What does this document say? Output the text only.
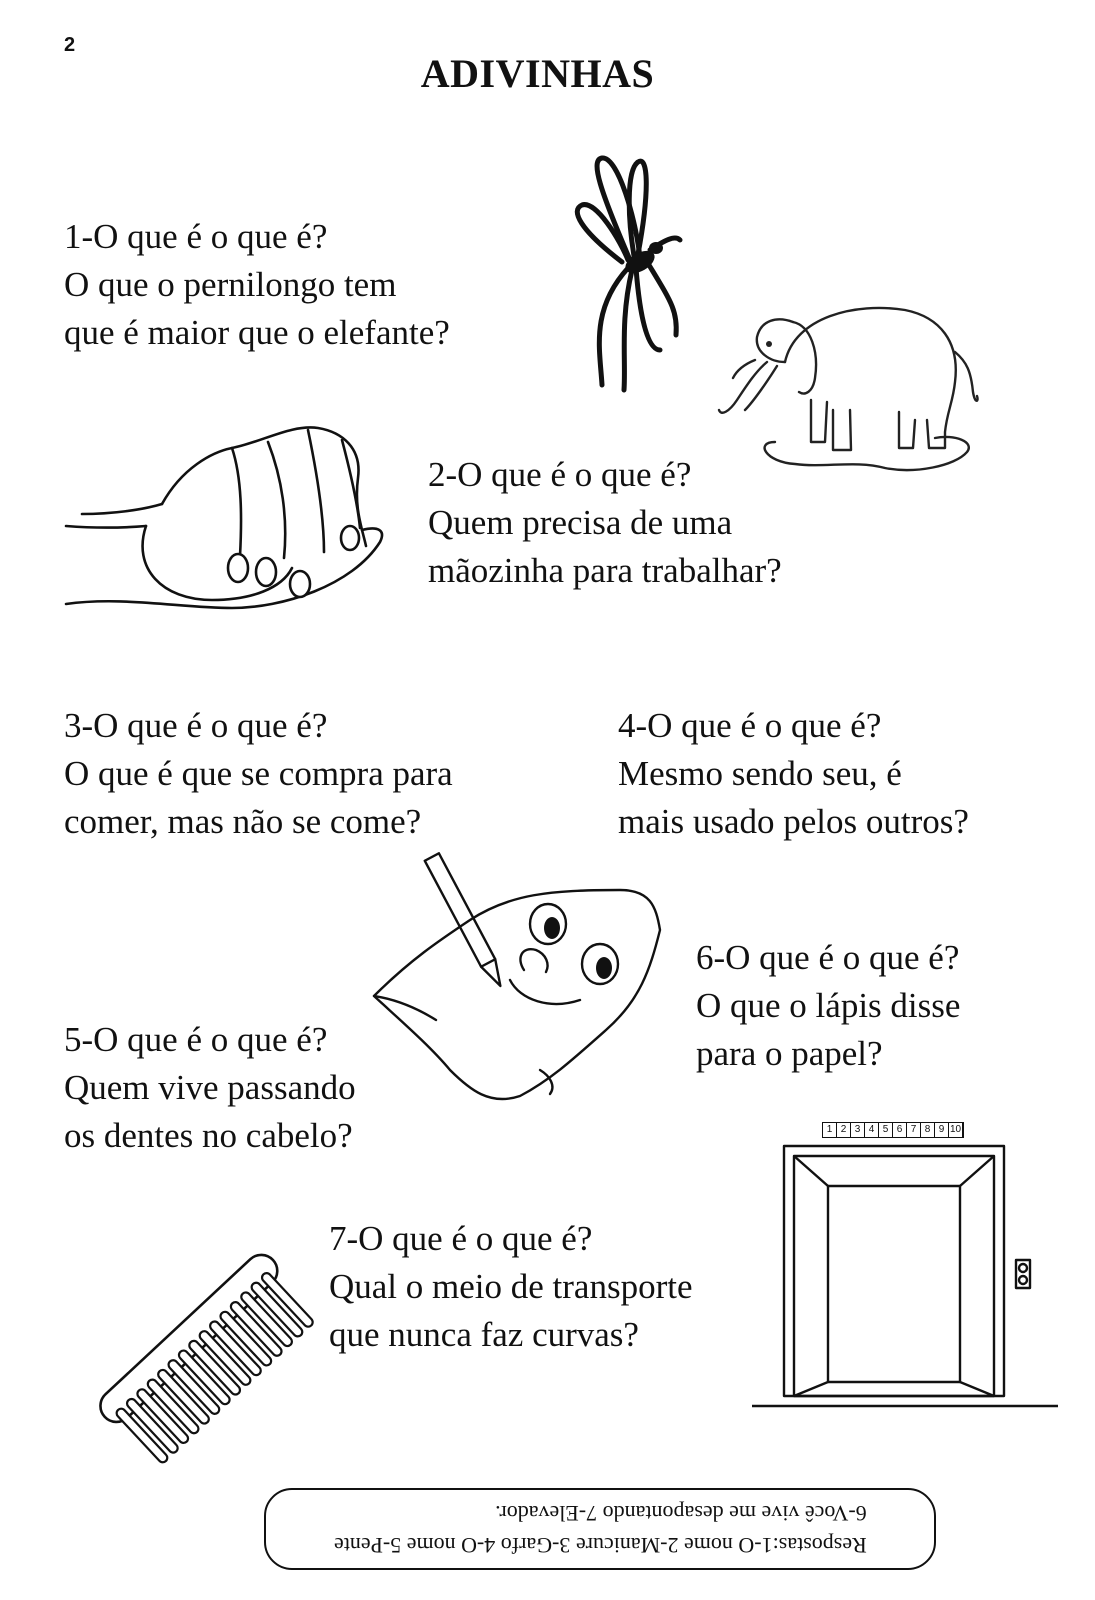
2
ADIVINHAS
1-O que é o que é?
O que o pernilongo tem
que é maior que o elefante?
2-O que é o que é?
Quem precisa de uma
mãozinha para trabalhar?
3-O que é o que é?
O que é que se compra para
comer, mas não se come?
4-O que é o que é?
Mesmo sendo seu, é
mais usado pelos outros?
5-O que é o que é?
Quem vive passando
os dentes no cabelo?
6-O que é o que é?
O que o lápis disse
para o papel?
7-O que é o que é?
Qual o meio de transporte
que nunca faz curvas?
1 2 3 4 5 6 7 8 9 10
Respostas:1-O nome 2-Manicure 3-Garfo 4-O nome 5-Pente
6-Você vive me desapontando 7-Elevador.
